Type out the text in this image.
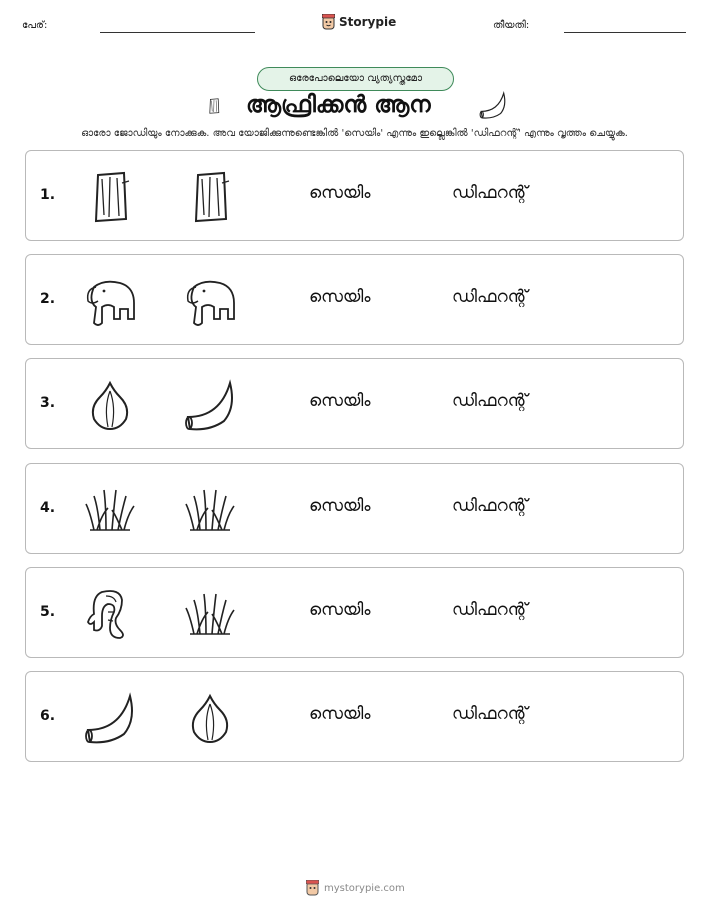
പേര്:	Storypie	തീയതി:
ഒരേപോലെയോ വ്യത്യസ്തമോ
ആഫ്രിക്കൻ ആന
ഓരോ ജോഡിയും നോക്കുക. അവ യോജിക്കുന്നുണ്ടെങ്കിൽ 'സെയിം' എന്നും ഇല്ലെങ്കിൽ 'ഡിഫറന്റ്' എന്നും വൃത്തം ചെയ്യുക.
1.	സെയിം	ഡിഫറന്റ്
2.	സെയിം	ഡിഫറന്റ്
3.	സെയിം	ഡിഫറന്റ്
4.	സെയിം	ഡിഫറന്റ്
5.	സെയിം	ഡിഫറന്റ്
6.	സെയിം	ഡിഫറന്റ്
mystorypie.com
